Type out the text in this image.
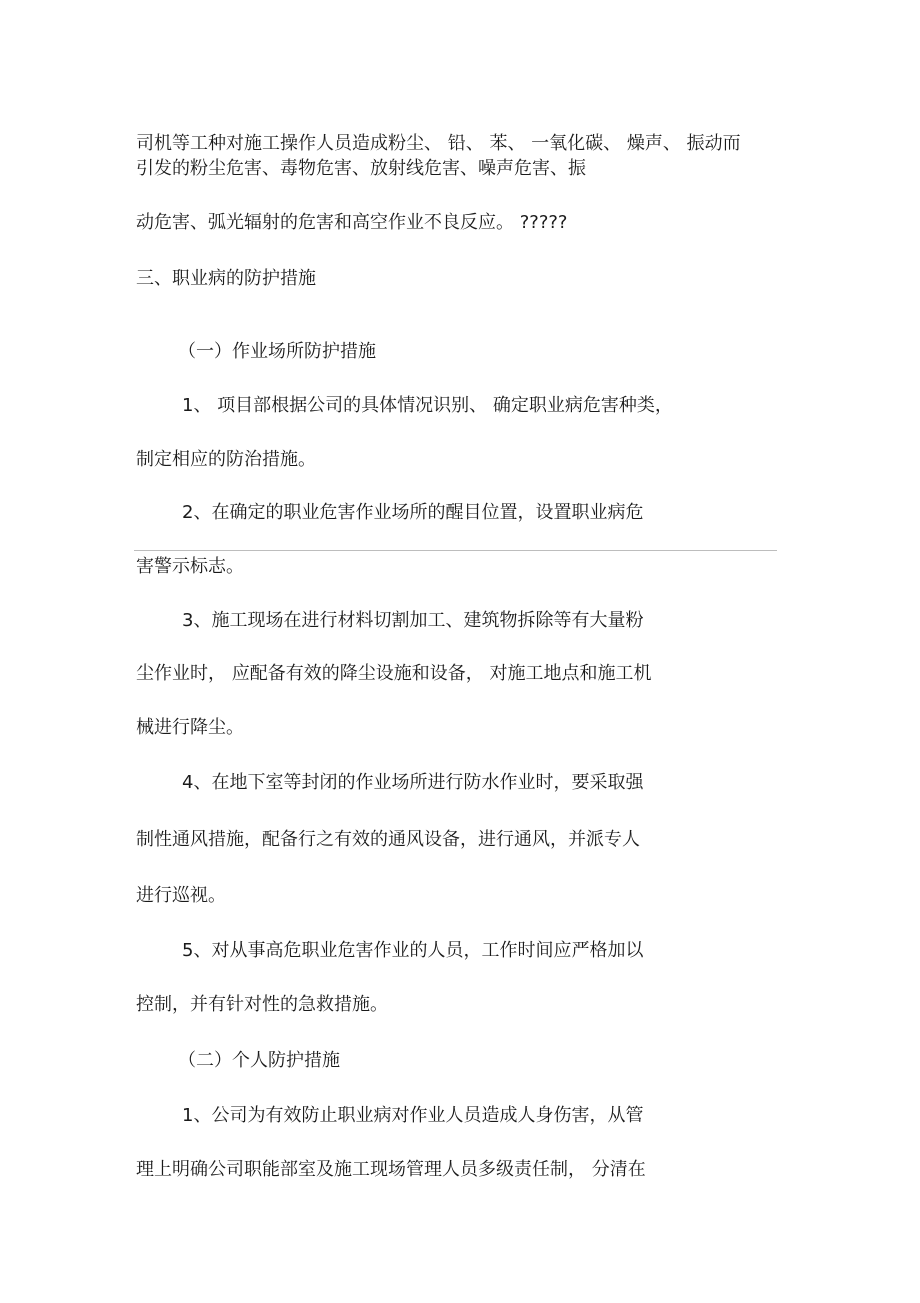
司机等工种对施工操作人员造成粉尘、 铅、 苯、 一氧化碳、 燥声、 振动而
引发的粉尘危害、毒物危害、放射线危害、噪声危害、振
动危害、弧光辐射的危害和高空作业不良反应。 ?????
三、职业病的防护措施
（一）作业场所防护措施
1、 项目部根据公司的具体情况识别、 确定职业病危害种类，
制定相应的防治措施。
2、在确定的职业危害作业场所的醒目位置，设置职业病危
害警示标志。
3、施工现场在进行材料切割加工、建筑物拆除等有大量粉
尘作业时， 应配备有效的降尘设施和设备， 对施工地点和施工机
械进行降尘。
4、在地下室等封闭的作业场所进行防水作业时，要采取强
制性通风措施，配备行之有效的通风设备，进行通风，并派专人
进行巡视。
5、对从事高危职业危害作业的人员，工作时间应严格加以
控制，并有针对性的急救措施。
（二）个人防护措施
1、公司为有效防止职业病对作业人员造成人身伤害，从管
理上明确公司职能部室及施工现场管理人员多级责任制， 分清在
